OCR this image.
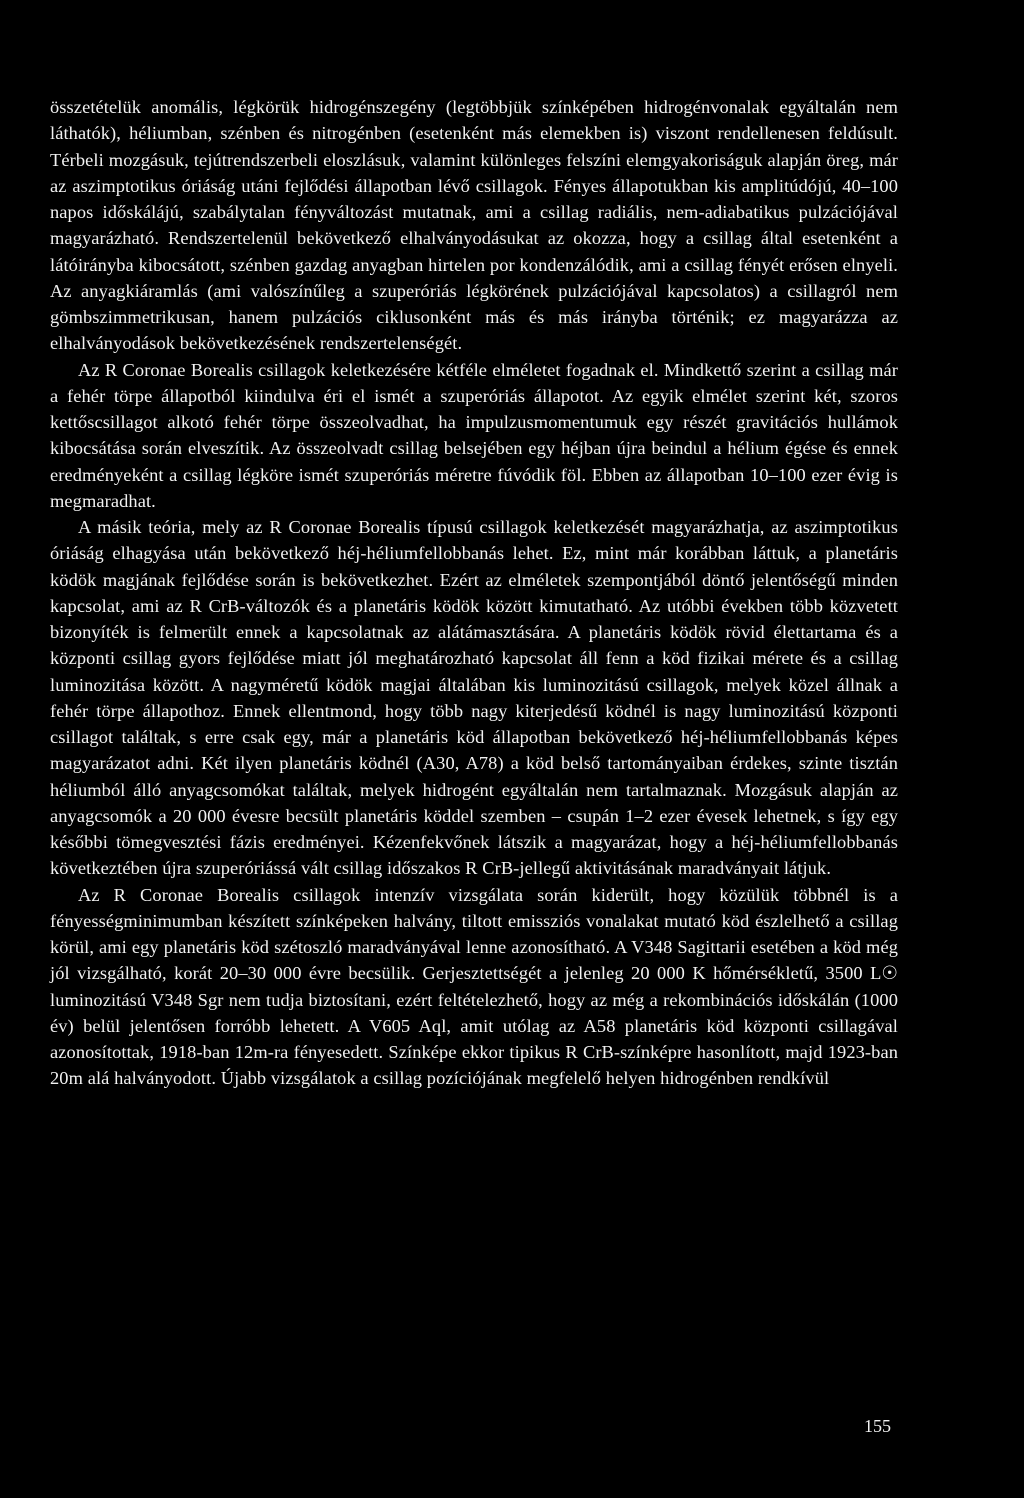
összetételük anomális, légkörük hidrogénszegény (legtöbbjük színképében hidrogénvonalak egyáltalán nem láthatók), héliumban, szénben és nitrogénben (esetenként más elemekben is) viszont rendellenesen feldúsult. Térbeli mozgásuk, tejútrendszerbeli eloszlásuk, valamint különleges felszíni elemgyakoriságuk alapján öreg, már az aszimptotikus óriáság utáni fejlődési állapotban lévő csillagok. Fényes állapotukban kis amplitúdójú, 40–100 napos időskálájú, szabálytalan fényváltozást mutatnak, ami a csillag radiális, nem-adiabatikus pulzációjával magyarázható. Rendszertelenül bekövetkező elhalványodásukat az okozza, hogy a csillag által esetenként a látóirányba kibocsátott, szénben gazdag anyagban hirtelen por kondenzálódik, ami a csillag fényét erősen elnyeli. Az anyagkiáramlás (ami valószínűleg a szuperóriás légkörének pulzációjával kapcsolatos) a csillagról nem gömbszimmetrikusan, hanem pulzációs ciklusonként más és más irányba történik; ez magyarázza az elhalványodások bekövetkezésének rendszertelenségét.

Az R Coronae Borealis csillagok keletkezésére kétféle elméletet fogadnak el. Mindkettő szerint a csillag már a fehér törpe állapotból kiindulva éri el ismét a szuperóriás állapotot. Az egyik elmélet szerint két, szoros kettőscsillagot alkotó fehér törpe összeolvadhat, ha impulzusmomentumuk egy részét gravitációs hullámok kibocsátása során elveszítik. Az összeolvadt csillag belsejében egy héjban újra beindul a hélium égése és ennek eredményeként a csillag légköre ismét szuperóriás méretre fúvódik föl. Ebben az állapotban 10–100 ezer évig is megmaradhat.

A másik teória, mely az R Coronae Borealis típusú csillagok keletkezését magyarázhatja, az aszimptotikus óriáság elhagyása után bekövetkező héj-héliumfellobbanás lehet. Ez, mint már korábban láttuk, a planetáris ködök magjának fejlődése során is bekövetkezhet. Ezért az elméletek szempontjából döntő jelentőségű minden kapcsolat, ami az R CrB-változók és a planetáris ködök között kimutatható. Az utóbbi években több közvetett bizonyíték is felmerült ennek a kapcsolatnak az alátámasztására. A planetáris ködök rövid élettartama és a központi csillag gyors fejlődése miatt jól meghatározható kapcsolat áll fenn a köd fizikai mérete és a csillag luminozitása között. A nagyméretű ködök magjai általában kis luminozitású csillagok, melyek közel állnak a fehér törpe állapothoz. Ennek ellentmond, hogy több nagy kiterjedésű ködnél is nagy luminozitású központi csillagot találtak, s erre csak egy, már a planetáris köd állapotban bekövetkező héj-héliumfellobbanás képes magyarázatot adni. Két ilyen planetáris ködnél (A30, A78) a köd belső tartományaiban érdekes, szinte tisztán héliumból álló anyagcsomókat találtak, melyek hidrogént egyáltalán nem tartalmaznak. Mozgásuk alapján az anyagcsomók a 20 000 évesre becsült planetáris köddel szemben – csupán 1–2 ezer évesek lehetnek, s így egy későbbi tömegvesztési fázis eredményei. Kézenfekvőnek látszik a magyarázat, hogy a héj-héliumfellobbanás következtében újra szuperóriássá vált csillag időszakos R CrB-jellegű aktivitásának maradványait látjuk.

Az R Coronae Borealis csillagok intenzív vizsgálata során kiderült, hogy közülük többnél is a fényességminimumban készített színképeken halvány, tiltott emissziós vonalakat mutató köd észlelhető a csillag körül, ami egy planetáris köd szétoszló maradványával lenne azonosítható. A V348 Sagittarii esetében a köd még jól vizsgálható, korát 20–30 000 évre becsülik. Gerjesztettségét a jelenleg 20 000 K hőmérsékletű, 3500 L☉ luminozitású V348 Sgr nem tudja biztosítani, ezért feltételezhető, hogy az még a rekombinációs időskálán (1000 év) belül jelentősen forróbb lehetett. A V605 Aql, amit utólag az A58 planetáris köd központi csillagával azonosítottak, 1918-ban 12m-ra fényesedett. Színképe ekkor tipikus R CrB-színképre hasonlított, majd 1923-ban 20m alá halványodott. Újabb vizsgálatok a csillag pozíciójának megfelelő helyen hidrogénben rendkívül

155
